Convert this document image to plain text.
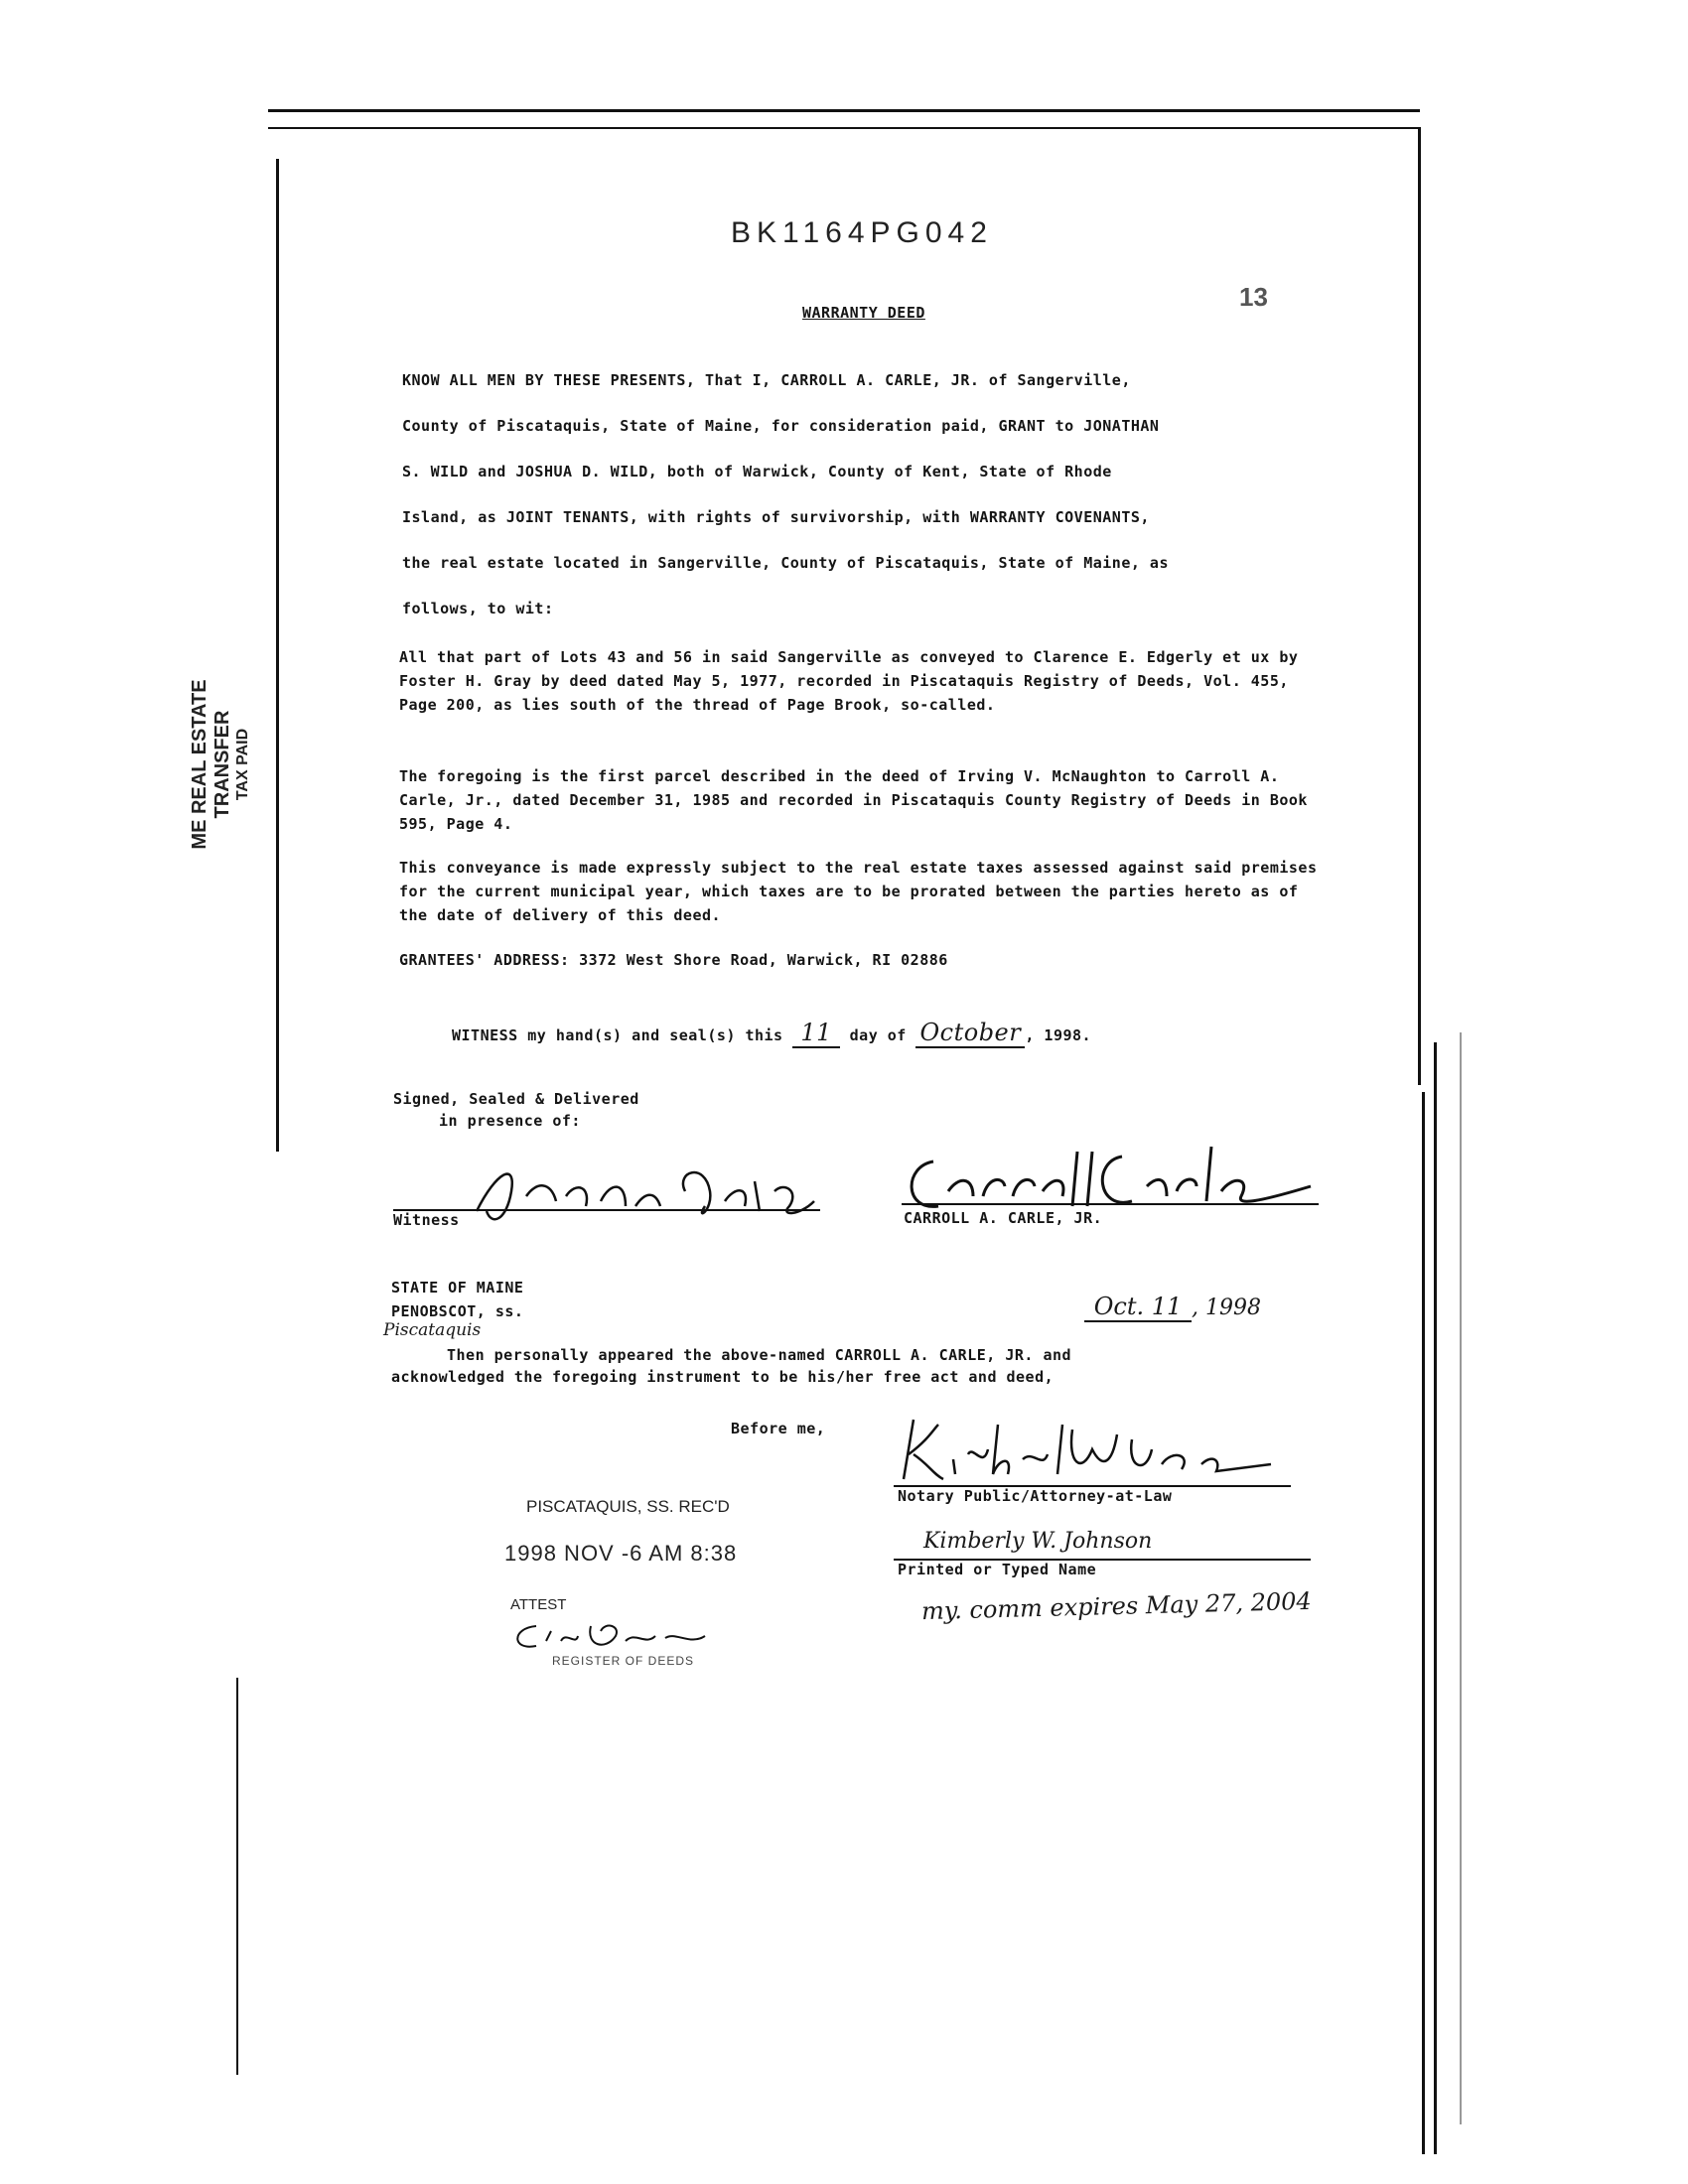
BK1164PG042
13
WARRANTY DEED
KNOW ALL MEN BY THESE PRESENTS, That I, CARROLL A. CARLE, JR. of Sangerville,
County of Piscataquis, State of Maine, for consideration paid, GRANT to JONATHAN
S. WILD and JOSHUA D. WILD, both of Warwick, County of Kent, State of Rhode
Island, as JOINT TENANTS, with rights of survivorship, with WARRANTY COVENANTS,
the real estate located in Sangerville, County of Piscataquis, State of Maine, as
follows, to wit:
All that part of Lots 43 and 56 in said Sangerville as conveyed to Clarence E. Edgerly et ux by Foster H. Gray by deed dated May 5, 1977, recorded in Piscataquis Registry of Deeds, Vol. 455, Page 200, as lies south of the thread of Page Brook, so-called.
The foregoing is the first parcel described in the deed of Irving V. McNaughton to Carroll A. Carle, Jr., dated December 31, 1985 and recorded in Piscataquis County Registry of Deeds in Book 595, Page 4.
This conveyance is made expressly subject to the real estate taxes assessed against said premises for the current municipal year, which taxes are to be prorated between the parties hereto as of the date of delivery of this deed.
GRANTEES' ADDRESS: 3372 West Shore Road, Warwick, RI 02886
ME REAL ESTATE TRANSFER TAX PAID
WITNESS my hand(s) and seal(s) this 11 day of October , 1998.
Signed, Sealed & Delivered
in presence of:
Witness	CARROLL A. CARLE, JR.
STATE OF MAINE
PENOBSCOT, ss.
Piscataquis
Oct. 11 , 1998
Then personally appeared the above-named CARROLL A. CARLE, JR. and
acknowledged the foregoing instrument to be his/her free act and deed,
Before me,
Notary Public/Attorney-at-Law
Kimberly W. Johnson
Printed or Typed Name
my. comm expires May 27, 2004
PISCATAQUIS, SS. REC'D
1998 NOV -6 AM 8:38
ATTEST
REGISTER OF DEEDS
